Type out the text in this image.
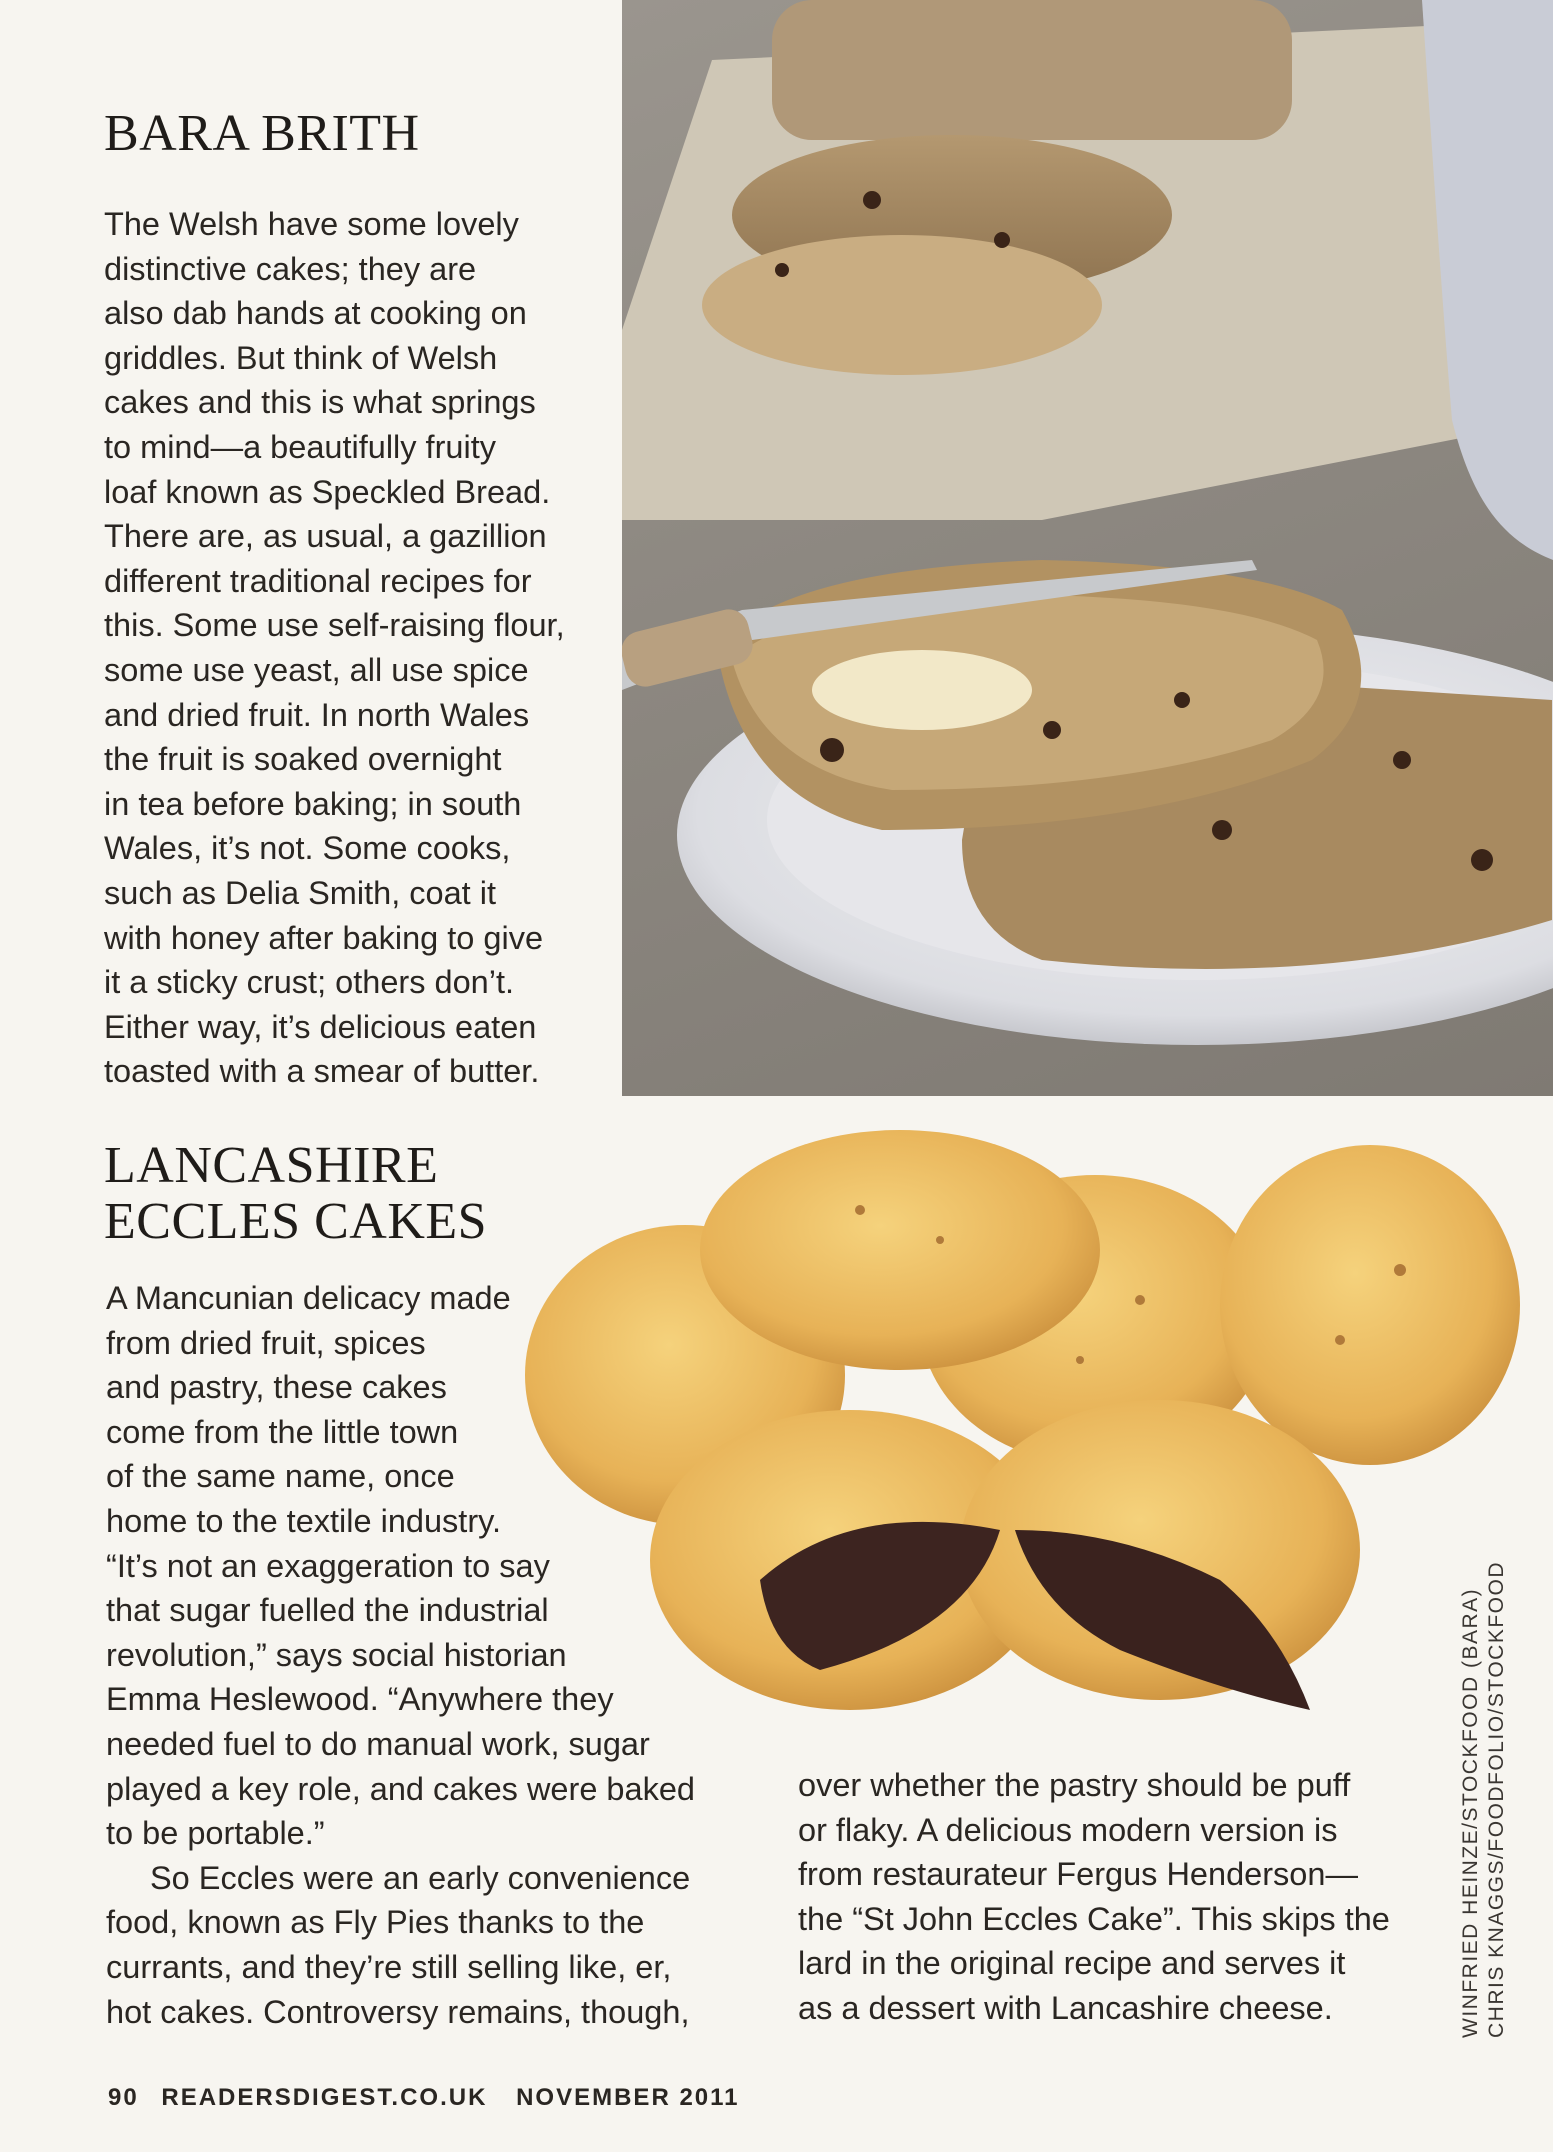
BARA BRITH

The Welsh have some lovely

distinctive cakes; they are

also dab hands at cooking on

griddles. But think of Welsh

cakes and this is what springs

to mind—a beautifully fruity

loaf known as Speckled Bread.

There are, as usual, a gazillion

different traditional recipes for

this. Some use self-raising flour,

some use yeast, all use spice

and dried fruit. In north Wales

the fruit is soaked overnight

in tea before baking; in south

Wales, it’s not. Some cooks,

such as Delia Smith, coat it

with honey after baking to give

it a sticky crust; others don’t.

Either way, it’s delicious eaten

toasted with a smear of butter.

LANCASHIRE
ECCLES CAKES

A Mancunian delicacy made

from dried fruit, spices

and pastry, these cakes

come from the little town

of the same name, once

home to the textile industry.

“It’s not an exaggeration to say

that sugar fuelled the industrial

revolution,” says social historian

Emma Heslewood. “Anywhere they

needed fuel to do manual work, sugar

played a key role, and cakes were baked

to be portable.”

So Eccles were an early convenience

food, known as Fly Pies thanks to the

currants, and they’re still selling like, er,

hot cakes. Controversy remains, though,

over whether the pastry should be puff

or flaky. A delicious modern version is

from restaurateur Fergus Henderson—

the “St John Eccles Cake”. This skips the

lard in the original recipe and serves it

as a dessert with Lancashire cheese.	WINFRIED HEINZE/STOCKFOOD (BARA) CHRIS KNAGGS/FOODFOLIO/STOCKFOOD
90 READERSDIGEST.CO.UK NOVEMBER 2011
